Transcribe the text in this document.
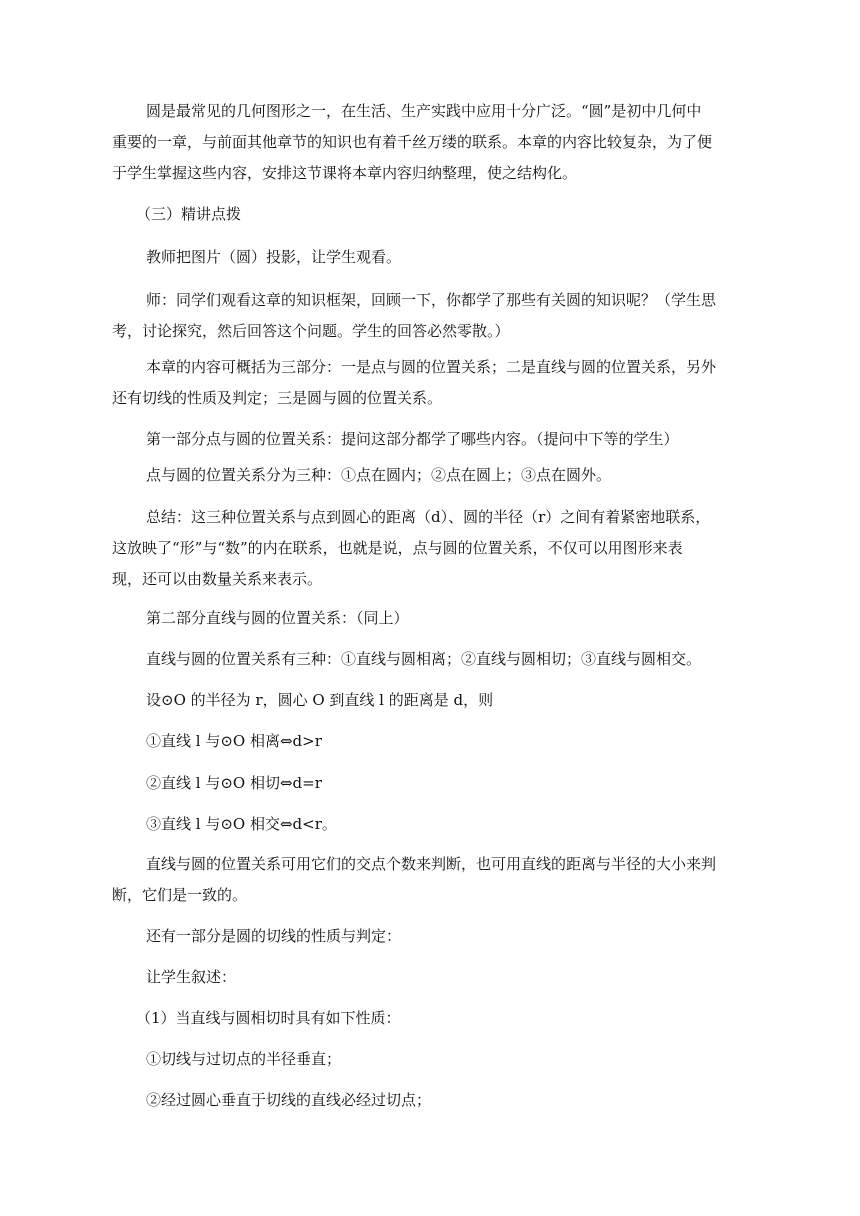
圆是最常见的几何图形之一，在生活、生产实践中应用十分广泛。“圆”是初中几何中
重要的一章，与前面其他章节的知识也有着千丝万缕的联系。本章的内容比较复杂，为了便
于学生掌握这些内容，安排这节课将本章内容归纳整理，使之结构化。

（三）精讲点拨

教师把图片（圆）投影，让学生观看。

师：同学们观看这章的知识框架，回顾一下，你都学了那些有关圆的知识呢？（学生思
考，讨论探究，然后回答这个问题。学生的回答必然零散。）

本章的内容可概括为三部分：一是点与圆的位置关系；二是直线与圆的位置关系，另外
还有切线的性质及判定；三是圆与圆的位置关系。

第一部分点与圆的位置关系：提问这部分都学了哪些内容。（提问中下等的学生）

点与圆的位置关系分为三种：①点在圆内；②点在圆上；③点在圆外。

总结：这三种位置关系与点到圆心的距离（d）、圆的半径（r）之间有着紧密地联系，
这放映了“形”与“数”的内在联系，也就是说，点与圆的位置关系，不仅可以用图形来表
现，还可以由数量关系来表示。

第二部分直线与圆的位置关系：（同上）

直线与圆的位置关系有三种：①直线与圆相离；②直线与圆相切；③直线与圆相交。

设⊙O 的半径为 r，圆心 O 到直线 l 的距离是 d，则

①直线 l 与⊙O 相离⇔d>r

②直线 l 与⊙O 相切⇔d=r

③直线 l 与⊙O 相交⇔d<r。

直线与圆的位置关系可用它们的交点个数来判断，也可用直线的距离与半径的大小来判
断，它们是一致的。

还有一部分是圆的切线的性质与判定：

让学生叙述：

（1）当直线与圆相切时具有如下性质：

①切线与过切点的半径垂直；

②经过圆心垂直于切线的直线必经过切点；
